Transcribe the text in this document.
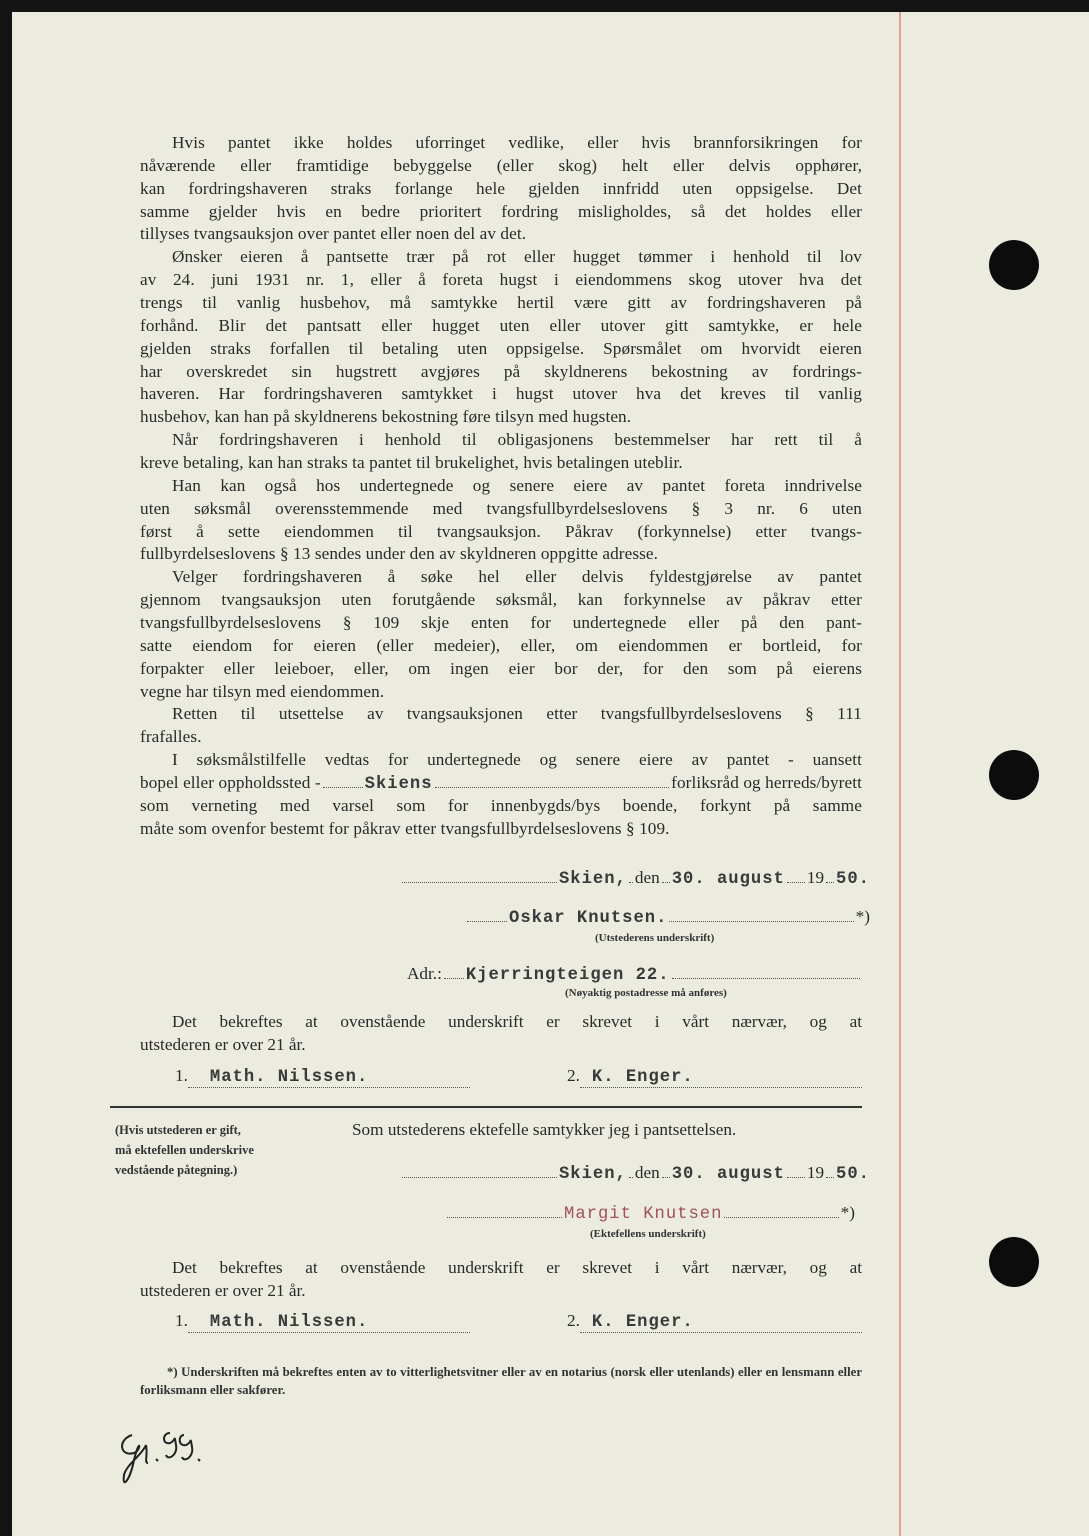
Hvis pantet ikke holdes uforringet vedlike, eller hvis brannforsikringen for
nåværende eller framtidige bebyggelse (eller skog) helt eller delvis opphører,
kan fordringshaveren straks forlange hele gjelden innfridd uten oppsigelse. Det
samme gjelder hvis en bedre prioritert fordring misligholdes, så det holdes eller
tillyses tvangsauksjon over pantet eller noen del av det.
Ønsker eieren å pantsette trær på rot eller hugget tømmer i henhold til lov
av 24. juni 1931 nr. 1, eller å foreta hugst i eiendommens skog utover hva det
trengs til vanlig husbehov, må samtykke hertil være gitt av fordringshaveren på
forhånd. Blir det pantsatt eller hugget uten eller utover gitt samtykke, er hele
gjelden straks forfallen til betaling uten oppsigelse. Spørsmålet om hvorvidt eieren
har overskredet sin hugstrett avgjøres på skyldnerens bekostning av fordrings-
haveren. Har fordringshaveren samtykket i hugst utover hva det kreves til vanlig
husbehov, kan han på skyldnerens bekostning føre tilsyn med hugsten.
Når fordringshaveren i henhold til obligasjonens bestemmelser har rett til å
kreve betaling, kan han straks ta pantet til brukelighet, hvis betalingen uteblir.
Han kan også hos undertegnede og senere eiere av pantet foreta inndrivelse
uten søksmål overensstemmende med tvangsfullbyrdelseslovens § 3 nr. 6 uten
først å sette eiendommen til tvangsauksjon. Påkrav (forkynnelse) etter tvangs-
fullbyrdelseslovens § 13 sendes under den av skyldneren oppgitte adresse.
Velger fordringshaveren å søke hel eller delvis fyldestgjørelse av pantet
gjennom tvangsauksjon uten forutgående søksmål, kan forkynnelse av påkrav etter
tvangsfullbyrdelseslovens § 109 skje enten for undertegnede eller på den pant-
satte eiendom for eieren (eller medeier), eller, om eiendommen er bortleid, for
forpakter eller leieboer, eller, om ingen eier bor der, for den som på eierens
vegne har tilsyn med eiendommen.
Retten til utsettelse av tvangsauksjonen etter tvangsfullbyrdelseslovens § 111
frafalles.
I søksmålstilfelle vedtas for undertegnede og senere eiere av pantet - uansett
bopel eller oppholdssted -	Skiens	forliksråd og herreds/byrett
som verneting med varsel som for innenbygds/bys boende, forkynt på samme
måte som ovenfor bestemt for påkrav etter tvangsfullbyrdelseslovens § 109.
Skien, den 30. august 19 50.
Oskar Knutsen.	*)
(Utstederens underskrift)
Adr.: Kjerringteigen 22.
(Nøyaktig postadresse må anføres)
Det bekreftes at ovenstående underskrift er skrevet i vårt nærvær, og at
utstederen er over 21 år.
1.	Math. Nilssen.	2. K. Enger.
(Hvis utstederen er gift,
må ektefellen underskrive
vedstående påtegning.)
Som utstederens ektefelle samtykker jeg i pantsettelsen.
Skien, den 30. august 19 50.
Margit Knutsen	*)
(Ektefellens underskrift)
Det bekreftes at ovenstående underskrift er skrevet i vårt nærvær, og at
utstederen er over 21 år.
1.	Math. Nilssen.	2. K. Enger.
*) Underskriften må bekreftes enten av to vitterlighetsvitner eller av en notarius (norsk eller utenlands) eller en lensmann eller forliksmann eller sakfører.
